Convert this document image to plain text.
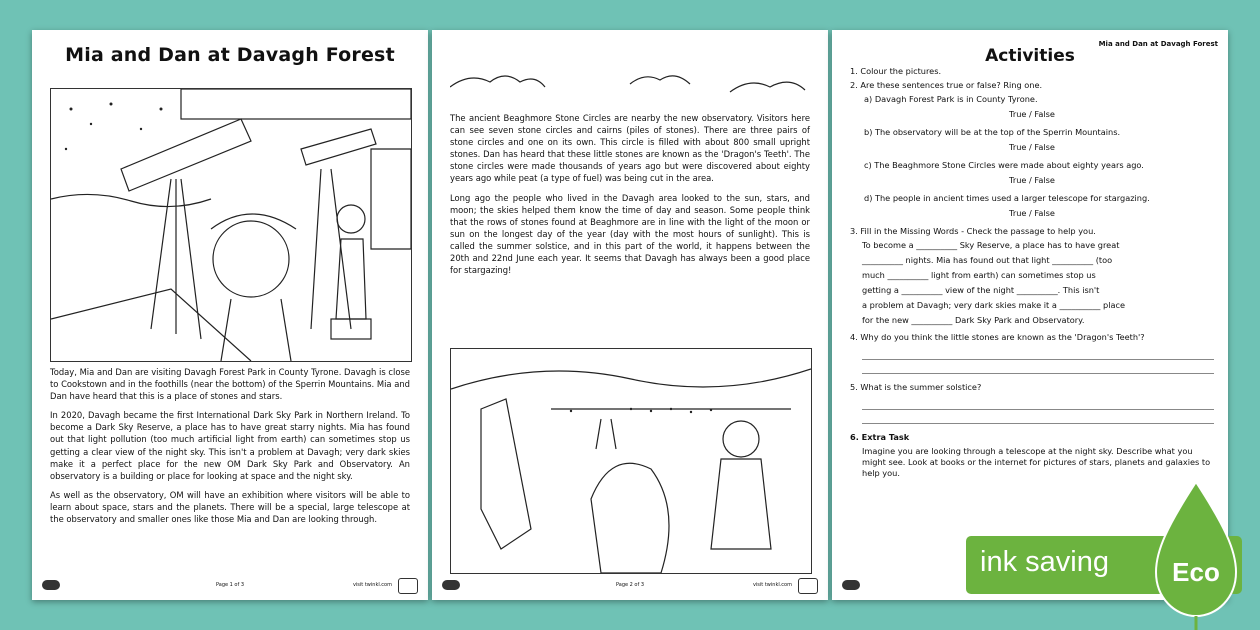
Mia and Dan at Davagh Forest

Today, Mia and Dan are visiting Davagh Forest Park in County Tyrone. Davagh is close to Cookstown and in the foothills (near the bottom) of the Sperrin Mountains. Mia and Dan have heard that this is a place of stones and stars.

In 2020, Davagh became the first International Dark Sky Park in Northern Ireland. To become a Dark Sky Reserve, a place has to have great starry nights. Mia has found out that light pollution (too much artificial light from earth) can sometimes stop us getting a clear view of the night sky. This isn't a problem at Davagh; very dark skies make it a perfect place for the new OM Dark Sky Park and Observatory. An observatory is a building or place for looking at space and the night sky.

As well as the observatory, OM will have an exhibition where visitors will be able to learn about space, stars and the planets. There will be a special, large telescope at the observatory and smaller ones like those Mia and Dan are looking through.

Page 1 of 3	visit twinkl.com

The ancient Beaghmore Stone Circles are nearby the new observatory. Visitors here can see seven stone circles and cairns (piles of stones). There are three pairs of stone circles and one on its own. This circle is filled with about 800 small upright stones. Dan has heard that these little stones are known as the 'Dragon's Teeth'. The stone circles were made thousands of years ago but were discovered about eighty years ago while peat (a type of fuel) was being cut in the area.

Long ago the people who lived in the Davagh area looked to the sun, stars, and moon; the skies helped them know the time of day and season. Some people think that the rows of stones found at Beaghmore are in line with the light of the moon or sun on the longest day of the year (day with the most hours of sunlight). This is called the summer solstice, and in this part of the world, it happens between the 20th and 22nd June each year. It seems that Davagh has always been a good place for stargazing!

Page 2 of 3	visit twinkl.com
Mia and Dan at Davagh Forest
Activities
1. Colour the pictures.
2. Are these sentences true or false? Ring one.
a) Davagh Forest Park is in County Tyrone.
True / False
b) The observatory will be at the top of the Sperrin Mountains.
True / False
c) The Beaghmore Stone Circles were made about eighty years ago.
True / False
d) The people in ancient times used a larger telescope for stargazing.
True / False
3. Fill in the Missing Words - Check the passage to help you.
To become a __________ Sky Reserve, a place has to have great
__________ nights. Mia has found out that light __________ (too
much __________ light from earth) can sometimes stop us
getting a __________ view of the night __________. This isn't
a problem at Davagh; very dark skies make it a __________ place
for the new __________ Dark Sky Park and Observatory.
4. Why do you think the little stones are known as the 'Dragon's Teeth'?
5. What is the summer solstice?
6. Extra Task
Imagine you are looking through a telescope at the night sky. Describe what you might see. Look at books or the internet for pictures of stars, planets and galaxies to help you.
ink saving Eco
